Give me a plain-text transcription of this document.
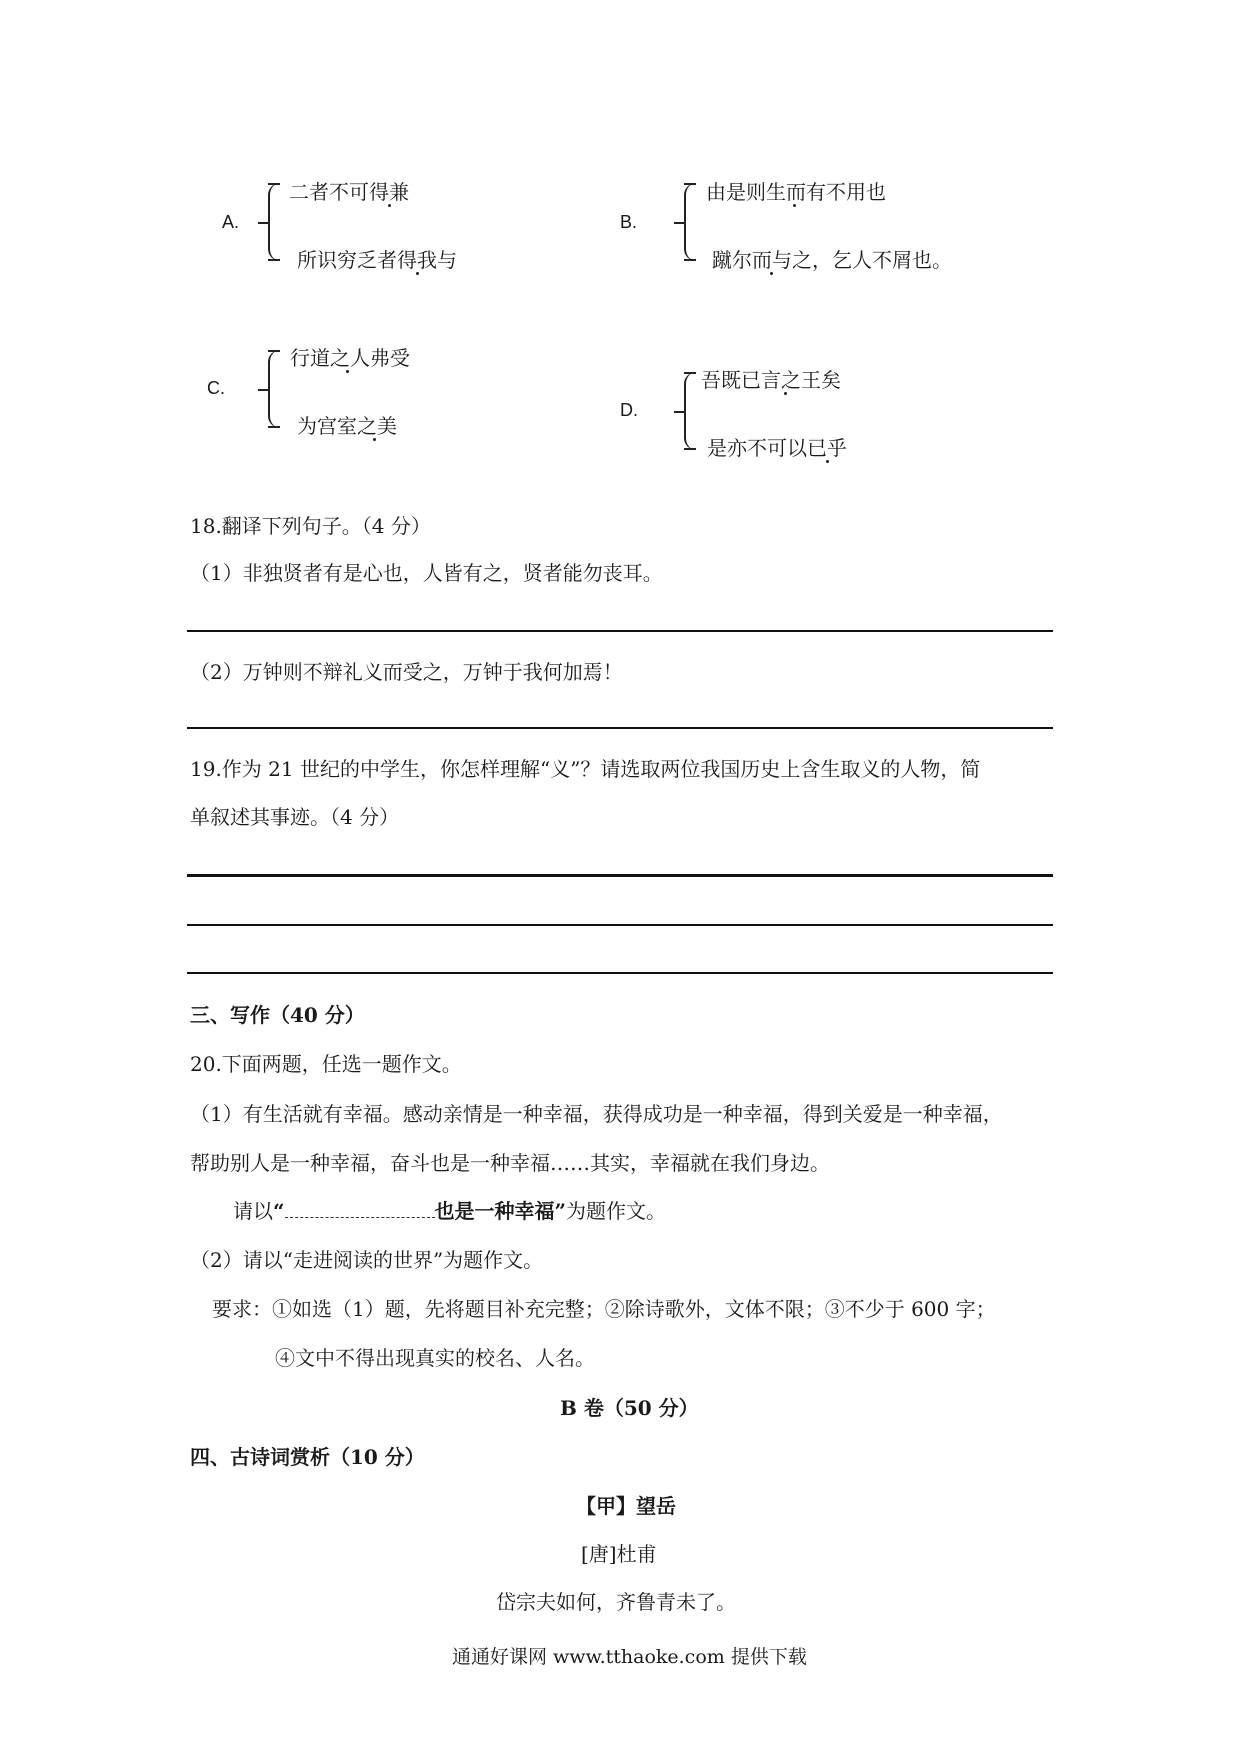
A.
二者不可得兼
所识穷乏者得我与
B.
由是则生而有不用也
蹴尔而与之，乞人不屑也。
C.
行道之人弗受
为宫室之美
D.
吾既已言之王矣
是亦不可以已乎
18.翻译下列句子。（4 分）
（1）非独贤者有是心也，人皆有之，贤者能勿丧耳。
（2）万钟则不辩礼义而受之，万钟于我何加焉！
19.作为 21 世纪的中学生，你怎样理解“义”？请选取两位我国历史上含生取义的人物，简
单叙述其事迹。（4 分）
三、写作（40 分）
20.下面两题，任选一题作文。
（1）有生活就有幸福。感动亲情是一种幸福，获得成功是一种幸福，得到关爱是一种幸福，
帮助别人是一种幸福，奋斗也是一种幸福……其实，幸福就在我们身边。
请以“	也是一种幸福”为题作文。
（2）请以“走进阅读的世界”为题作文。
要求：①如选（1）题，先将题目补充完整；②除诗歌外，文体不限；③不少于 600 字；
④文中不得出现真实的校名、人名。
B 卷（50 分）
四、古诗词赏析（10 分）
【甲】望岳
[唐]杜甫
岱宗夫如何，齐鲁青未了。
通通好课网 www.tthaoke.com 提供下载
